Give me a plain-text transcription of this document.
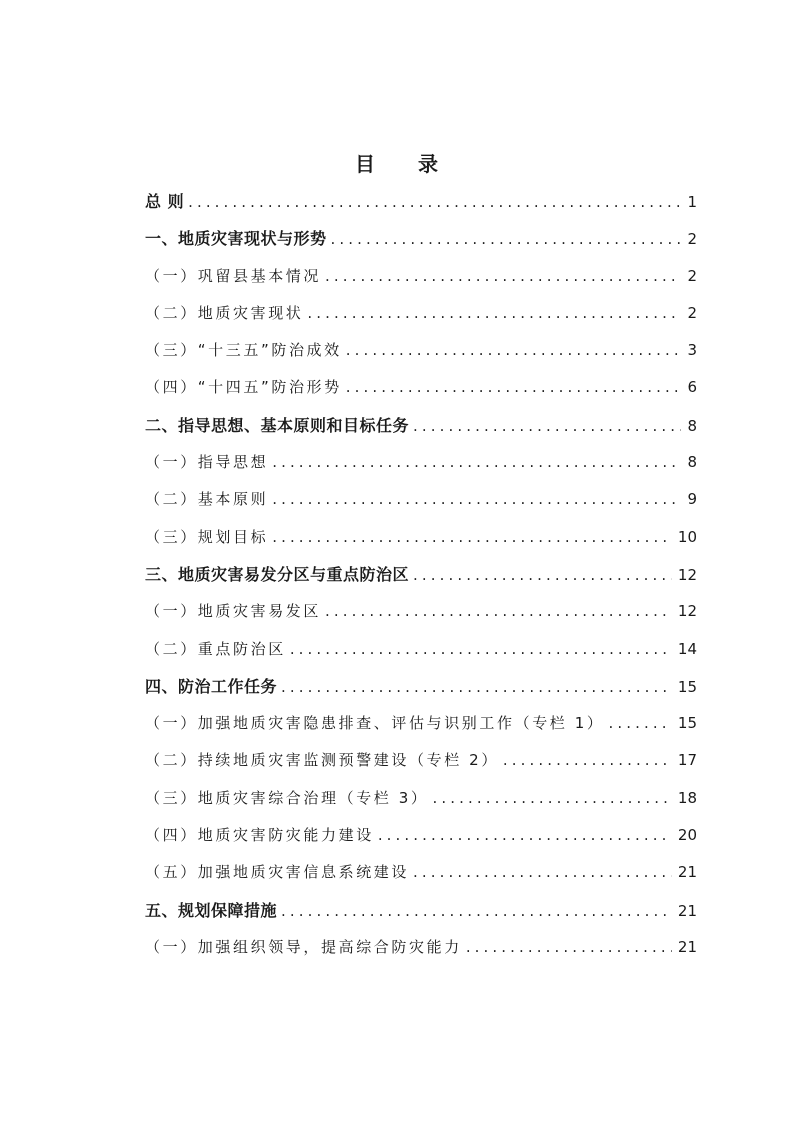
目 录
总 则 .....	1
一、地质灾害现状与形势 .....	2
（一）巩留县基本情况 .....	2
（二）地质灾害现状 .....	2
（三）“十三五”防治成效 .....	3
（四）“十四五”防治形势 .....	6
二、指导思想、基本原则和目标任务 .....	8
（一）指导思想 .....	8
（二）基本原则 .....	9
（三）规划目标 .....	10
三、地质灾害易发分区与重点防治区 .....	12
（一）地质灾害易发区 .....	12
（二）重点防治区 .....	14
四、防治工作任务 .....	15
（一）加强地质灾害隐患排查、评估与识别工作（专栏 1） .....	15
（二）持续地质灾害监测预警建设（专栏 2） .....	17
（三）地质灾害综合治理（专栏 3） .....	18
（四）地质灾害防灾能力建设 .....	20
（五）加强地质灾害信息系统建设 .....	21
五、规划保障措施 .....	21
（一）加强组织领导，提高综合防灾能力 .....	21
